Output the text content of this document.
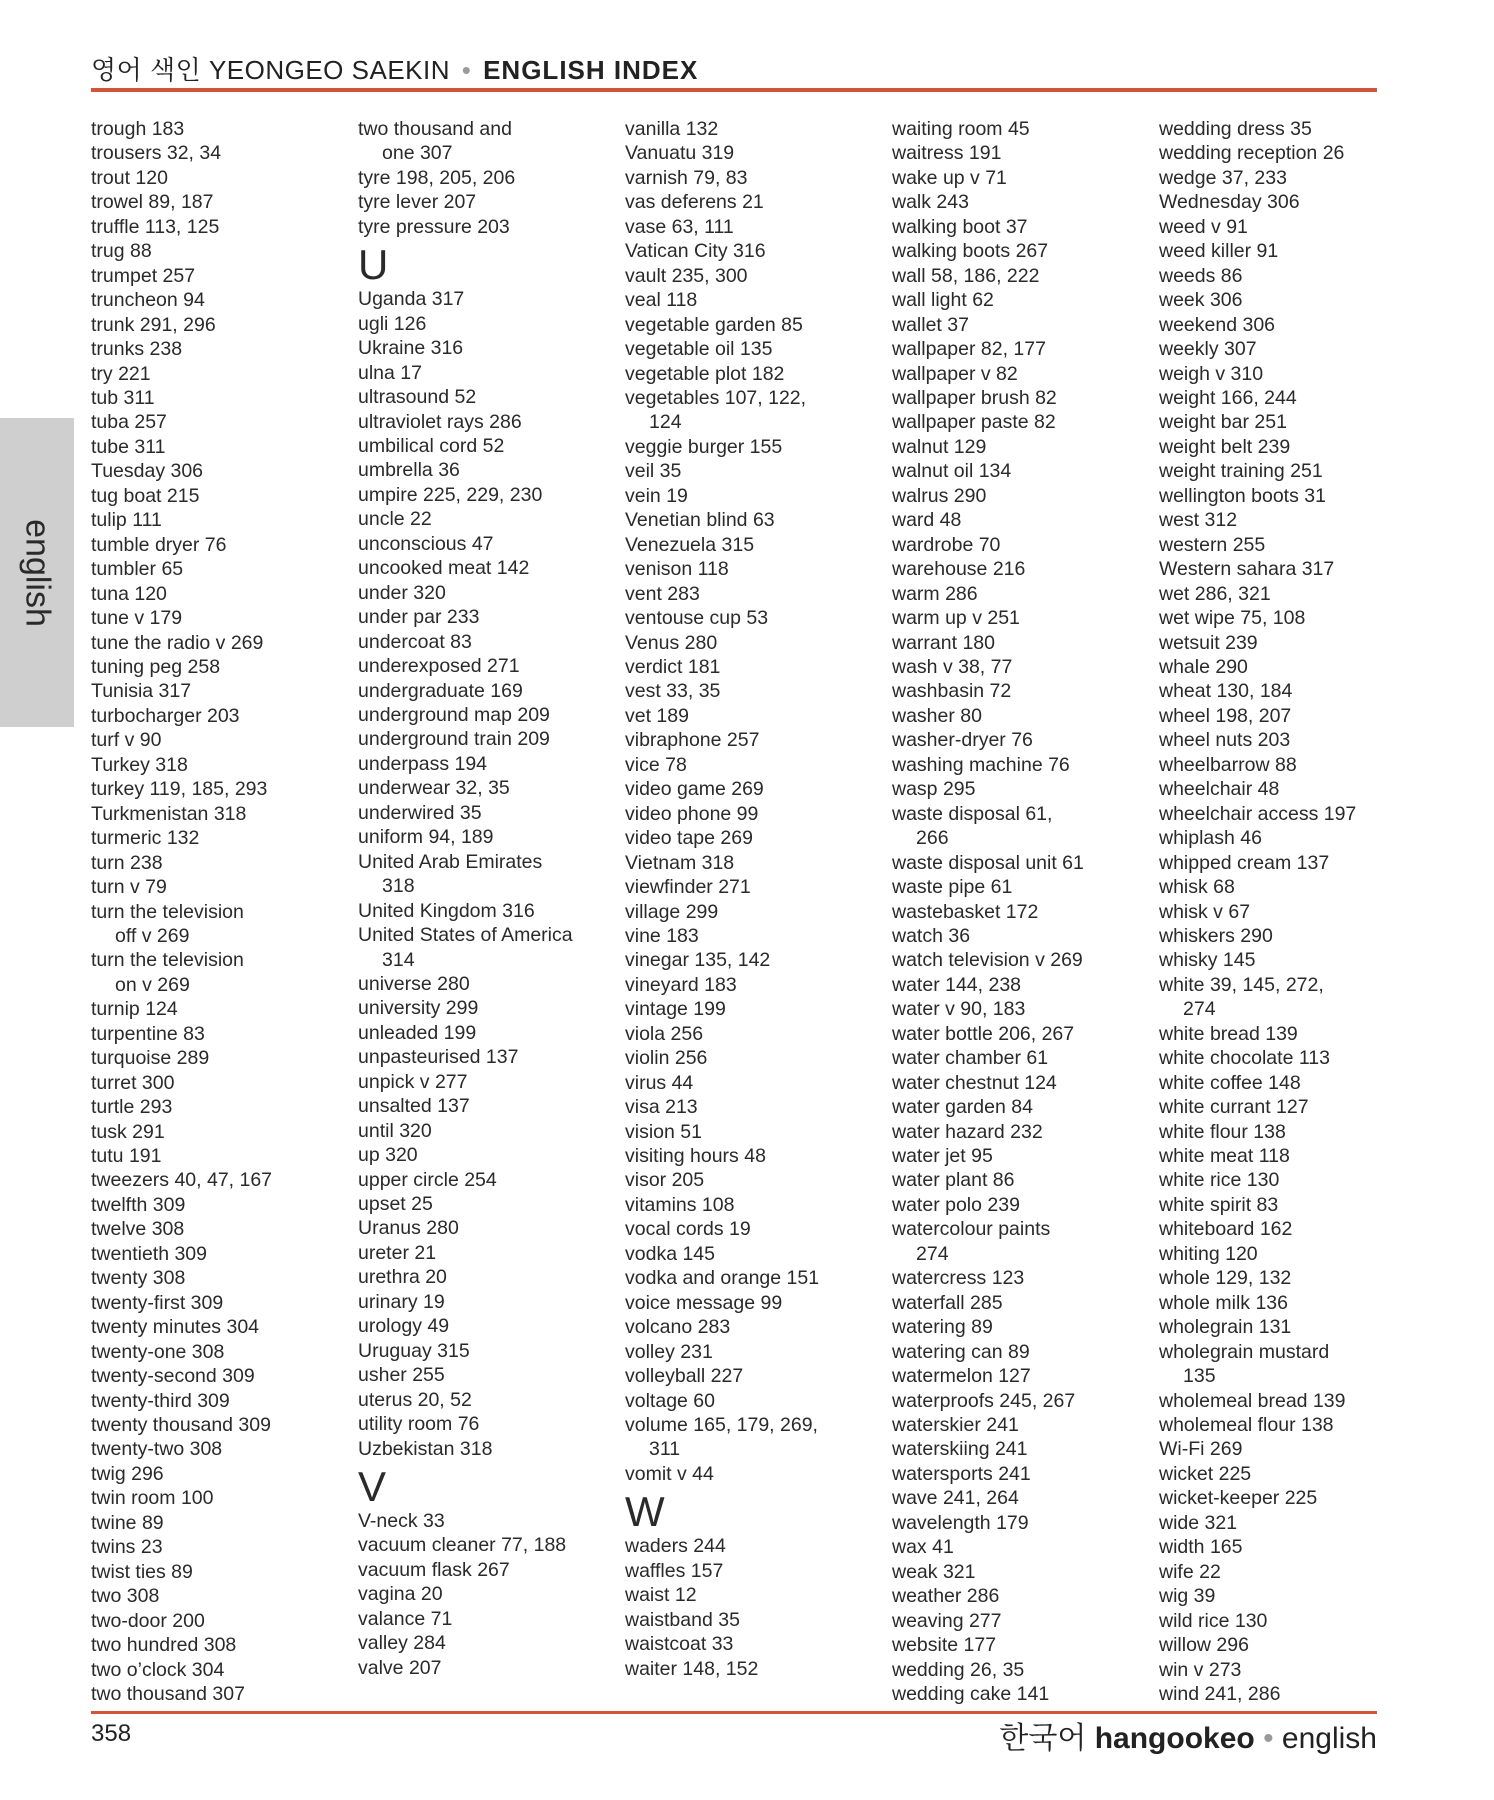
영어 색인 YEONGEO SAEKIN • ENGLISH INDEX
english
trough 183
trousers 32, 34
trout 120
trowel 89, 187
truffle 113, 125
trug 88
trumpet 257
truncheon 94
trunk 291, 296
trunks 238
try 221
tub 311
tuba 257
tube 311
Tuesday 306
tug boat 215
tulip 111
tumble dryer 76
tumbler 65
tuna 120
tune v 179
tune the radio v 269
tuning peg 258
Tunisia 317
turbocharger 203
turf v 90
Turkey 318
turkey 119, 185, 293
Turkmenistan 318
turmeric 132
turn 238
turn v 79
turn the television
off v 269
turn the television
on v 269
turnip 124
turpentine 83
turquoise 289
turret 300
turtle 293
tusk 291
tutu 191
tweezers 40, 47, 167
twelfth 309
twelve 308
twentieth 309
twenty 308
twenty-first 309
twenty minutes 304
twenty-one 308
twenty-second 309
twenty-third 309
twenty thousand 309
twenty-two 308
twig 296
twin room 100
twine 89
twins 23
twist ties 89
two 308
two-door 200
two hundred 308
two o’clock 304
two thousand 307
two thousand and
one 307
tyre 198, 205, 206
tyre lever 207
tyre pressure 203
U
Uganda 317
ugli 126
Ukraine 316
ulna 17
ultrasound 52
ultraviolet rays 286
umbilical cord 52
umbrella 36
umpire 225, 229, 230
uncle 22
unconscious 47
uncooked meat 142
under 320
under par 233
undercoat 83
underexposed 271
undergraduate 169
underground map 209
underground train 209
underpass 194
underwear 32, 35
underwired 35
uniform 94, 189
United Arab Emirates
318
United Kingdom 316
United States of America
314
universe 280
university 299
unleaded 199
unpasteurised 137
unpick v 277
unsalted 137
until 320
up 320
upper circle 254
upset 25
Uranus 280
ureter 21
urethra 20
urinary 19
urology 49
Uruguay 315
usher 255
uterus 20, 52
utility room 76
Uzbekistan 318
V
V-neck 33
vacuum cleaner 77, 188
vacuum flask 267
vagina 20
valance 71
valley 284
valve 207
vanilla 132
Vanuatu 319
varnish 79, 83
vas deferens 21
vase 63, 111
Vatican City 316
vault 235, 300
veal 118
vegetable garden 85
vegetable oil 135
vegetable plot 182
vegetables 107, 122,
124
veggie burger 155
veil 35
vein 19
Venetian blind 63
Venezuela 315
venison 118
vent 283
ventouse cup 53
Venus 280
verdict 181
vest 33, 35
vet 189
vibraphone 257
vice 78
video game 269
video phone 99
video tape 269
Vietnam 318
viewfinder 271
village 299
vine 183
vinegar 135, 142
vineyard 183
vintage 199
viola 256
violin 256
virus 44
visa 213
vision 51
visiting hours 48
visor 205
vitamins 108
vocal cords 19
vodka 145
vodka and orange 151
voice message 99
volcano 283
volley 231
volleyball 227
voltage 60
volume 165, 179, 269,
311
vomit v 44
W
waders 244
waffles 157
waist 12
waistband 35
waistcoat 33
waiter 148, 152
waiting room 45
waitress 191
wake up v 71
walk 243
walking boot 37
walking boots 267
wall 58, 186, 222
wall light 62
wallet 37
wallpaper 82, 177
wallpaper v 82
wallpaper brush 82
wallpaper paste 82
walnut 129
walnut oil 134
walrus 290
ward 48
wardrobe 70
warehouse 216
warm 286
warm up v 251
warrant 180
wash v 38, 77
washbasin 72
washer 80
washer-dryer 76
washing machine 76
wasp 295
waste disposal 61,
266
waste disposal unit 61
waste pipe 61
wastebasket 172
watch 36
watch television v 269
water 144, 238
water v 90, 183
water bottle 206, 267
water chamber 61
water chestnut 124
water garden 84
water hazard 232
water jet 95
water plant 86
water polo 239
watercolour paints
274
watercress 123
waterfall 285
watering 89
watering can 89
watermelon 127
waterproofs 245, 267
waterskier 241
waterskiing 241
watersports 241
wave 241, 264
wavelength 179
wax 41
weak 321
weather 286
weaving 277
website 177
wedding 26, 35
wedding cake 141
wedding dress 35
wedding reception 26
wedge 37, 233
Wednesday 306
weed v 91
weed killer 91
weeds 86
week 306
weekend 306
weekly 307
weigh v 310
weight 166, 244
weight bar 251
weight belt 239
weight training 251
wellington boots 31
west 312
western 255
Western sahara 317
wet 286, 321
wet wipe 75, 108
wetsuit 239
whale 290
wheat 130, 184
wheel 198, 207
wheel nuts 203
wheelbarrow 88
wheelchair 48
wheelchair access 197
whiplash 46
whipped cream 137
whisk 68
whisk v 67
whiskers 290
whisky 145
white 39, 145, 272,
274
white bread 139
white chocolate 113
white coffee 148
white currant 127
white flour 138
white meat 118
white rice 130
white spirit 83
whiteboard 162
whiting 120
whole 129, 132
whole milk 136
wholegrain 131
wholegrain mustard
135
wholemeal bread 139
wholemeal flour 138
Wi-Fi 269
wicket 225
wicket-keeper 225
wide 321
width 165
wife 22
wig 39
wild rice 130
willow 296
win v 273
wind 241, 286
358	한국어 hangookeo • english
